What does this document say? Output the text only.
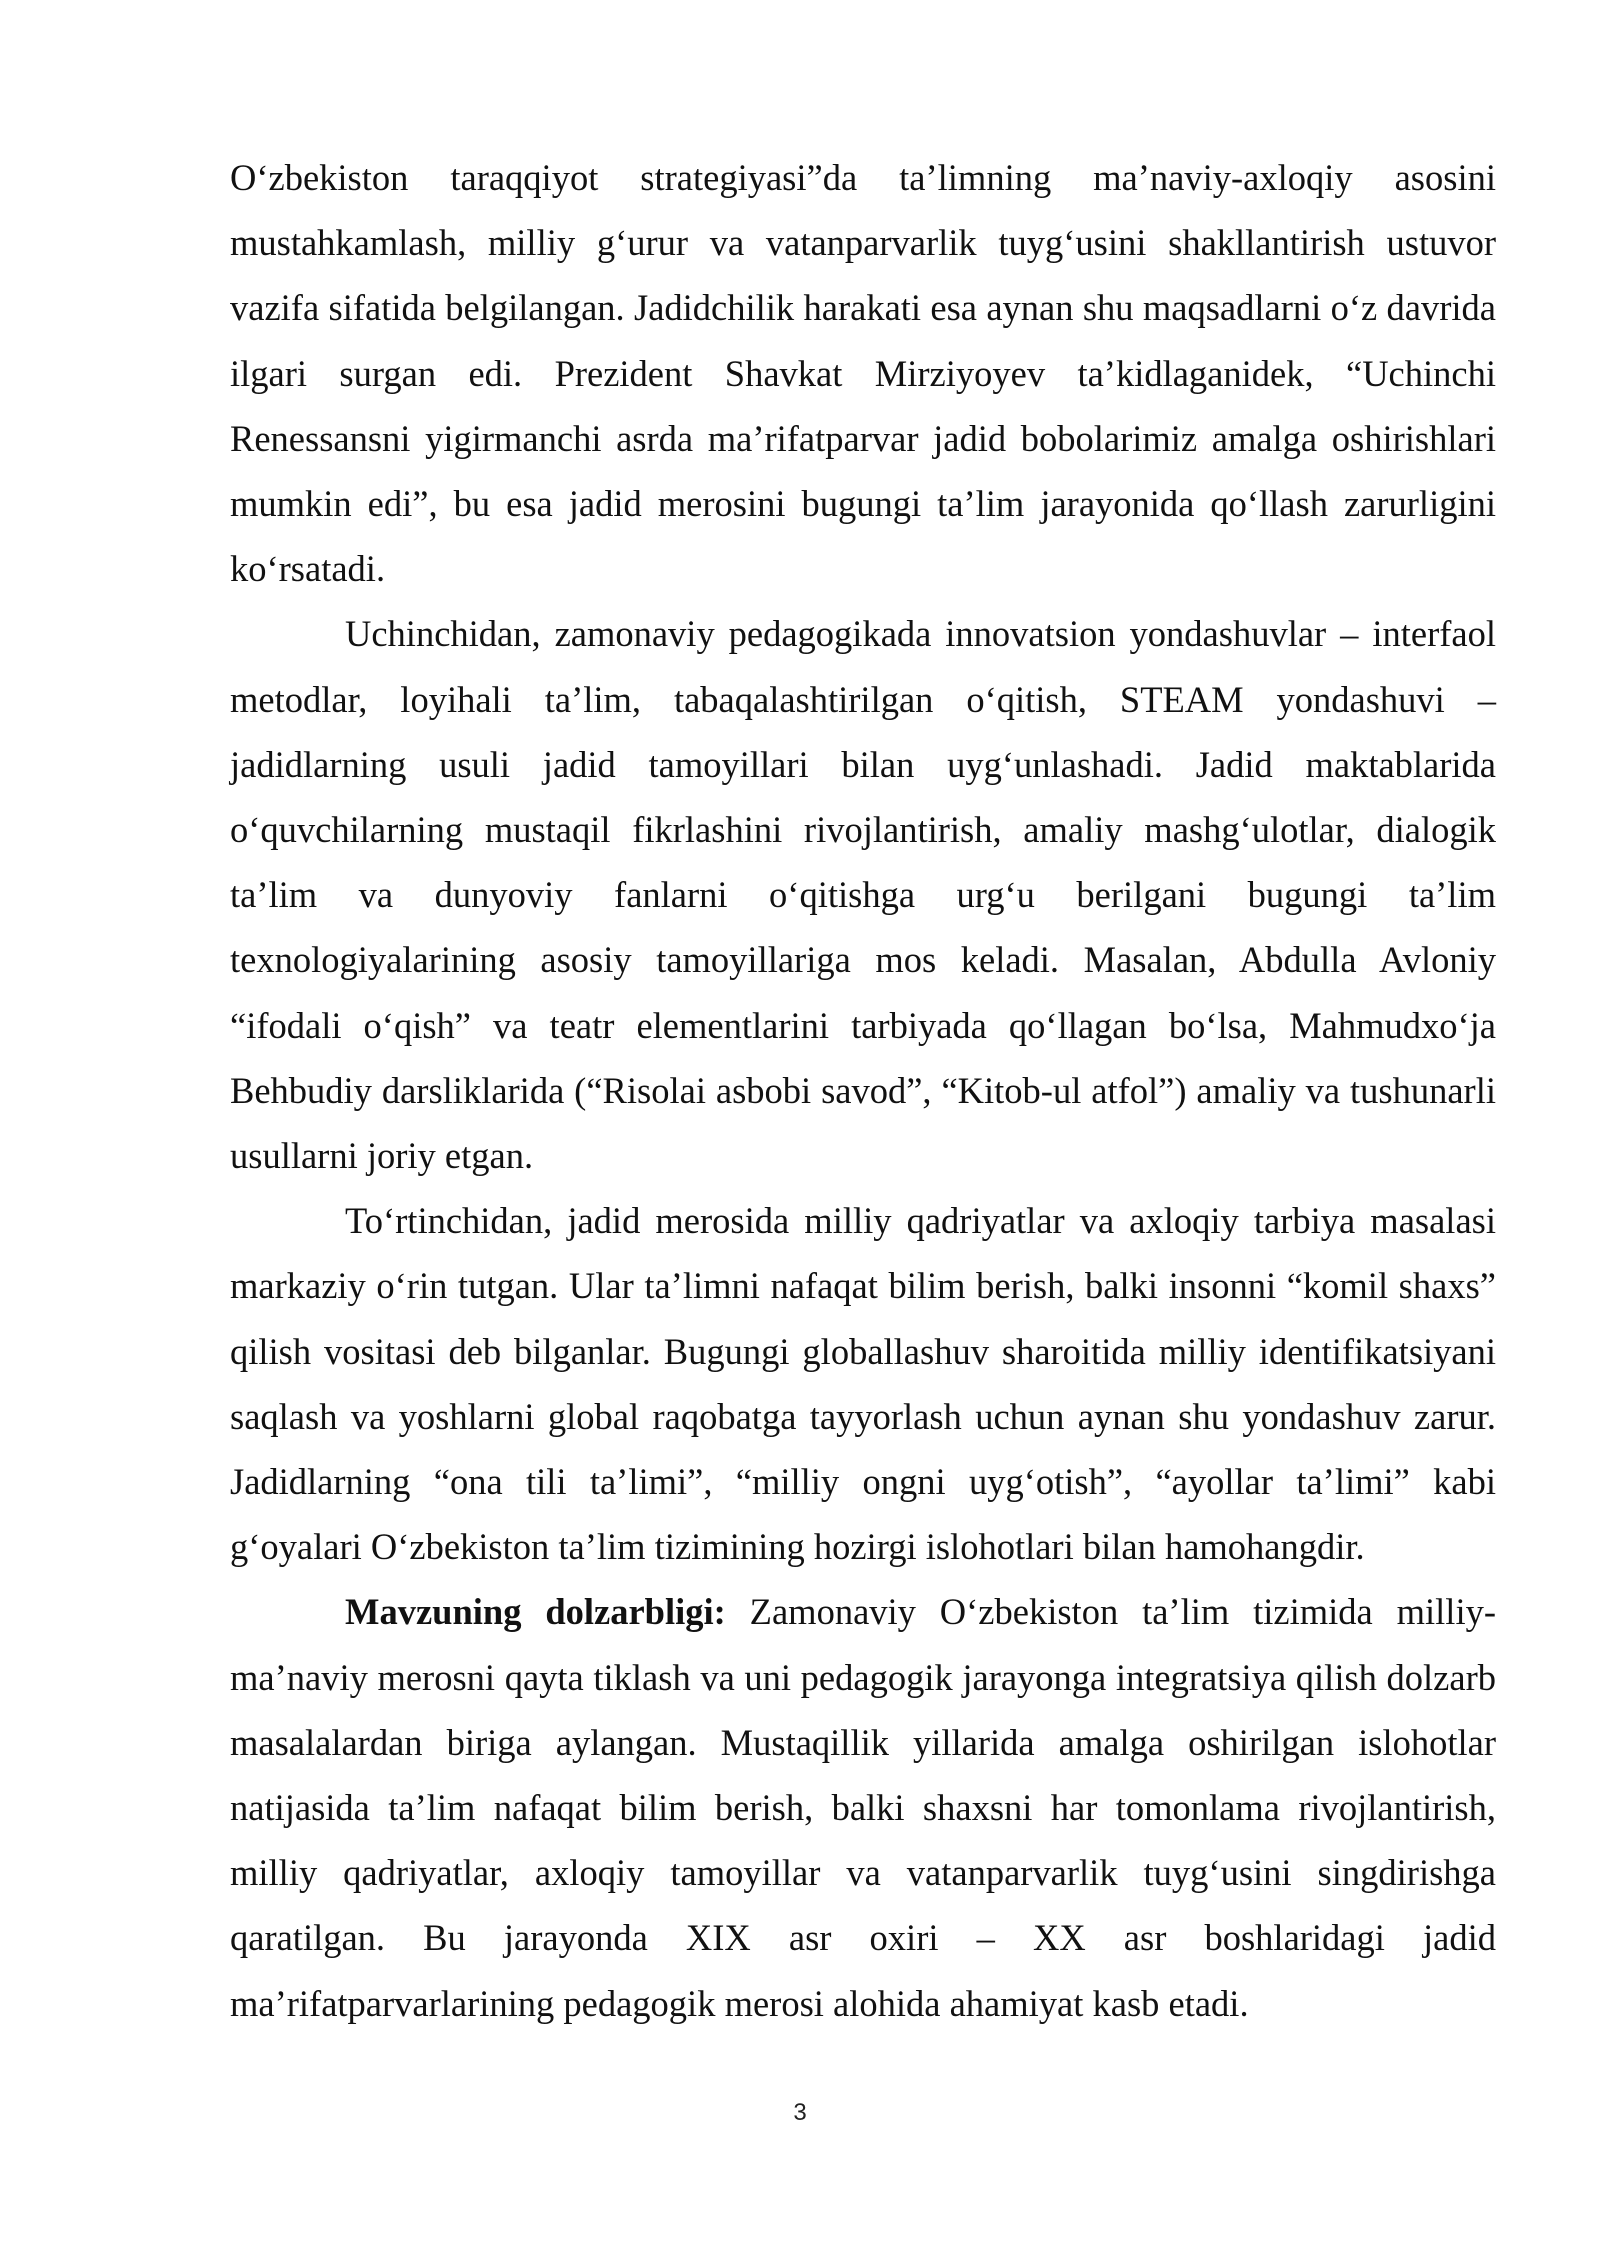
O‘zbekiston taraqqiyot strategiyasi”da ta’limning ma’naviy-axloqiy asosini mustahkamlash, milliy g‘urur va vatanparvarlik tuyg‘usini shakllantirish ustuvor vazifa sifatida belgilangan. Jadidchilik harakati esa aynan shu maqsadlarni o‘z davrida ilgari surgan edi. Prezident Shavkat Mirziyoyev ta’kidlaganidek, “Uchinchi Renessansni yigirmanchi asrda ma’rifatparvar jadid bobolarimiz amalga oshirishlari mumkin edi”, bu esa jadid merosini bugungi ta’lim jarayonida qo‘llash zarurligini ko‘rsatadi.

Uchinchidan, zamonaviy pedagogikada innovatsion yondashuvlar – interfaol metodlar, loyihali ta’lim, tabaqalashtirilgan o‘qitish, STEAM yondashuvi – jadidlarning usuli jadid tamoyillari bilan uyg‘unlashadi. Jadid maktablarida o‘quvchilarning mustaqil fikrlashini rivojlantirish, amaliy mashg‘ulotlar, dialogik ta’lim va dunyoviy fanlarni o‘qitishga urg‘u berilgani bugungi ta’lim texnologiyalarining asosiy tamoyillariga mos keladi. Masalan, Abdulla Avloniy “ifodali o‘qish” va teatr elementlarini tarbiyada qo‘llagan bo‘lsa, Mahmudxo‘ja Behbudiy darsliklarida (“Risolai asbobi savod”, “Kitob-ul atfol”) amaliy va tushunarli usullarni joriy etgan.

To‘rtinchidan, jadid merosida milliy qadriyatlar va axloqiy tarbiya masalasi markaziy o‘rin tutgan. Ular ta’limni nafaqat bilim berish, balki insonni “komil shaxs” qilish vositasi deb bilganlar. Bugungi globallashuv sharoitida milliy identifikatsiyani saqlash va yoshlarni global raqobatga tayyorlash uchun aynan shu yondashuv zarur. Jadidlarning “ona tili ta’limi”, “milliy ongni uyg‘otish”, “ayollar ta’limi” kabi g‘oyalari O‘zbekiston ta’lim tizimining hozirgi islohotlari bilan hamohangdir.

Mavzuning dolzarbligi: Zamonaviy O‘zbekiston ta’lim tizimida milliy-ma’naviy merosni qayta tiklash va uni pedagogik jarayonga integratsiya qilish dolzarb masalalardan biriga aylangan. Mustaqillik yillarida amalga oshirilgan islohotlar natijasida ta’lim nafaqat bilim berish, balki shaxsni har tomonlama rivojlantirish, milliy qadriyatlar, axloqiy tamoyillar va vatanparvarlik tuyg‘usini singdirishga qaratilgan. Bu jarayonda XIX asr oxiri – XX asr boshlaridagi jadid ma’rifatparvarlarining pedagogik merosi alohida ahamiyat kasb etadi.

3
